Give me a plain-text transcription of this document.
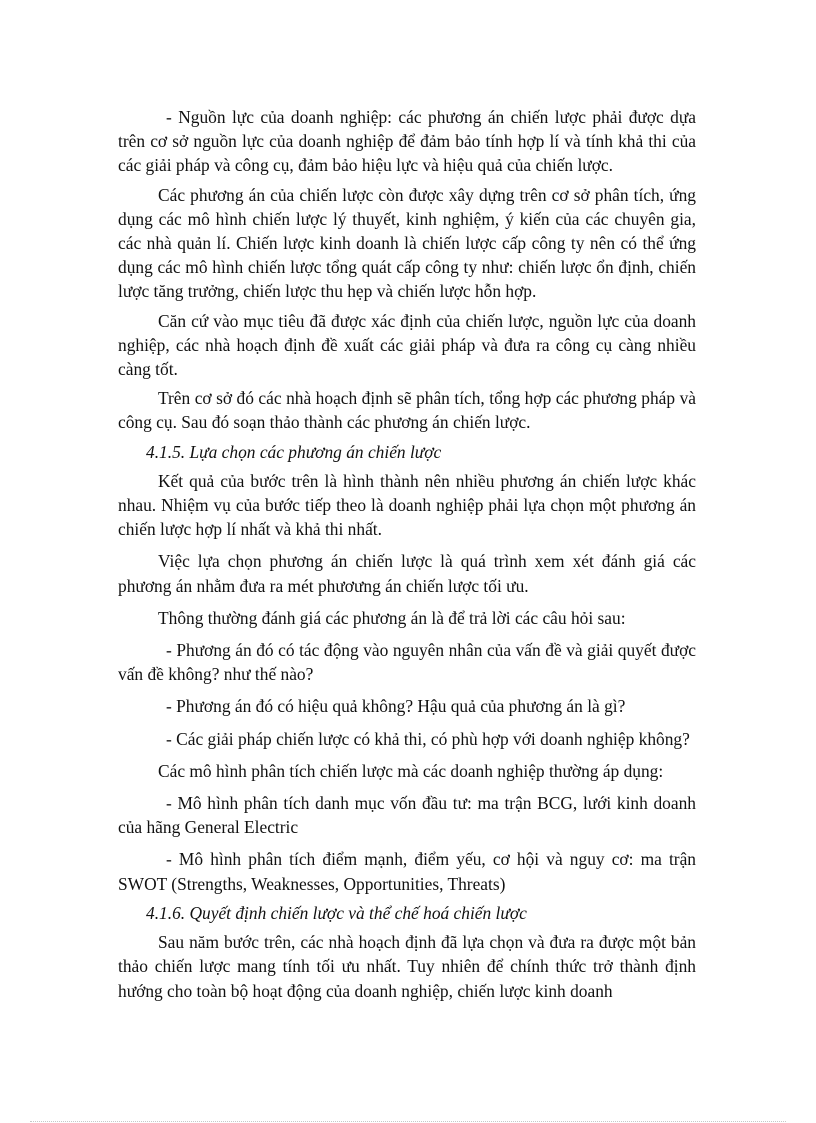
- Nguồn lực của doanh nghiệp: các phương án chiến lược phải được dựa trên cơ sở nguồn lực của doanh nghiệp để đảm bảo tính hợp lí và tính khả thi của các giải pháp và công cụ, đảm bảo hiệu lực và hiệu quả của chiến lược.

Các phương án của chiến lược còn được xây dựng trên cơ sở phân tích, ứng dụng các mô hình chiến lược lý thuyết, kinh nghiệm, ý kiến của các chuyên gia, các nhà quản lí. Chiến lược kinh doanh là chiến lược cấp công ty nên có thể ứng dụng các mô hình chiến lược tổng quát cấp công ty như: chiến lược ổn định, chiến lược tăng trưởng, chiến lược thu hẹp và chiến lược hỗn hợp.

Căn cứ vào mục tiêu đã được xác định của chiến lược, nguồn lực của doanh nghiệp, các nhà hoạch định đề xuất các giải pháp và đưa ra công cụ càng nhiều càng tốt.

Trên cơ sở đó các nhà hoạch định sẽ phân tích, tổng hợp các phương pháp và công cụ. Sau đó soạn thảo thành các phương án chiến lược.

4.1.5. Lựa chọn các phương án chiến lược

Kết quả của bước trên là hình thành nên nhiều phương án chiến lược khác nhau. Nhiệm vụ của bước tiếp theo là doanh nghiệp phải lựa chọn một phương án chiến lược hợp lí nhất và khả thi nhất.

Việc lựa chọn phương án chiến lược là quá trình xem xét đánh giá các phương án nhằm đưa ra mét phươưng án chiến lược tối ưu.

Thông thường đánh giá các phương án là để trả lời các câu hỏi sau:

- Phương án đó có tác động vào nguyên nhân của vấn đề và giải quyết được vấn đề không? như thế nào?

- Phương án đó có hiệu quả không? Hậu quả của phương án là gì?

- Các giải pháp chiến lược có khả thi, có phù hợp với doanh nghiệp không?

Các mô hình phân tích chiến lược mà các doanh nghiệp thường áp dụng:

- Mô hình phân tích danh mục vốn đầu tư: ma trận BCG, lưới kinh doanh của hãng General Electric

- Mô hình phân tích điểm mạnh, điểm yếu, cơ hội và nguy cơ: ma trận SWOT (Strengths, Weaknesses, Opportunities, Threats)

4.1.6. Quyết định chiến lược và thể chế hoá chiến lược

Sau năm bước trên, các nhà hoạch định đã lựa chọn và đưa ra được một bản thảo chiến lược mang tính tối ưu nhất. Tuy nhiên để chính thức trở thành định hướng cho toàn bộ hoạt động của doanh nghiệp, chiến lược kinh doanh
